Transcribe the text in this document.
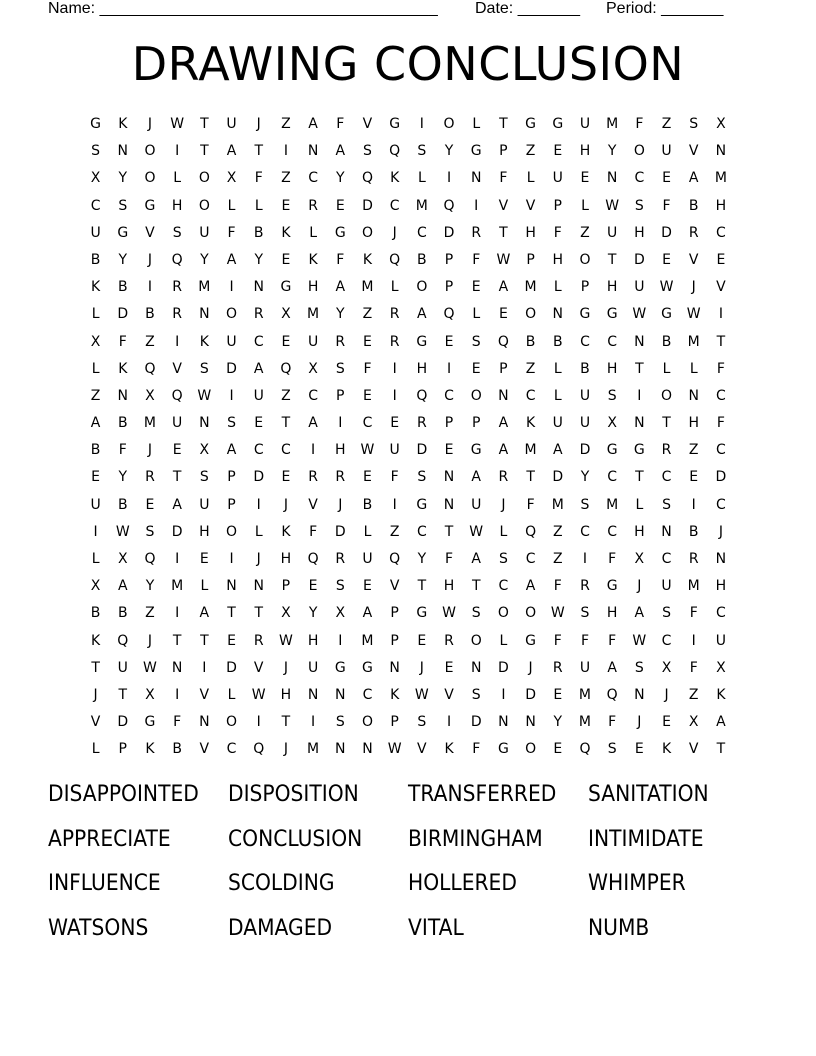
Name: ______________________________________ Date: _______ Period: _______
DRAWING CONCLUSION
G	K	J	W	T	U	J	Z	A	F	V	G	I	O	L	T	G	G	U	M	F	Z	S	X
S	N	O	I	T	A	T	I	N	A	S	Q	S	Y	G	P	Z	E	H	Y	O	U	V	N
X	Y	O	L	O	X	F	Z	C	Y	Q	K	L	I	N	F	L	U	E	N	C	E	A	M
C	S	G	H	O	L	L	E	R	E	D	C	M	Q	I	V	V	P	L	W	S	F	B	H
U	G	V	S	U	F	B	K	L	G	O	J	C	D	R	T	H	F	Z	U	H	D	R	C
B	Y	J	Q	Y	A	Y	E	K	F	K	Q	B	P	F	W	P	H	O	T	D	E	V	E
K	B	I	R	M	I	N	G	H	A	M	L	O	P	E	A	M	L	P	H	U	W	J	V
L	D	B	R	N	O	R	X	M	Y	Z	R	A	Q	L	E	O	N	G	G	W	G	W	I
X	F	Z	I	K	U	C	E	U	R	E	R	G	E	S	Q	B	B	C	C	N	B	M	T
L	K	Q	V	S	D	A	Q	X	S	F	I	H	I	E	P	Z	L	B	H	T	L	L	F
Z	N	X	Q	W	I	U	Z	C	P	E	I	Q	C	O	N	C	L	U	S	I	O	N	C
A	B	M	U	N	S	E	T	A	I	C	E	R	P	P	A	K	U	U	X	N	T	H	F
B	F	J	E	X	A	C	C	I	H	W	U	D	E	G	A	M	A	D	G	G	R	Z	C
E	Y	R	T	S	P	D	E	R	R	E	F	S	N	A	R	T	D	Y	C	T	C	E	D
U	B	E	A	U	P	I	J	V	J	B	I	G	N	U	J	F	M	S	M	L	S	I	C
I	W	S	D	H	O	L	K	F	D	L	Z	C	T	W	L	Q	Z	C	C	H	N	B	J
L	X	Q	I	E	I	J	H	Q	R	U	Q	Y	F	A	S	C	Z	I	F	X	C	R	N
X	A	Y	M	L	N	N	P	E	S	E	V	T	H	T	C	A	F	R	G	J	U	M	H
B	B	Z	I	A	T	T	X	Y	X	A	P	G	W	S	O	O	W	S	H	A	S	F	C
K	Q	J	T	T	E	R	W	H	I	M	P	E	R	O	L	G	F	F	F	W	C	I	U
T	U	W	N	I	D	V	J	U	G	G	N	J	E	N	D	J	R	U	A	S	X	F	X
J	T	X	I	V	L	W	H	N	N	C	K	W	V	S	I	D	E	M	Q	N	J	Z	K
V	D	G	F	N	O	I	T	I	S	O	P	S	I	D	N	N	Y	M	F	J	E	X	A
L	P	K	B	V	C	Q	J	M	N	N	W	V	K	F	G	O	E	Q	S	E	K	V	T
DISAPPOINTED	DISPOSITION	TRANSFERRED	SANITATION
APPRECIATE	CONCLUSION	BIRMINGHAM	INTIMIDATE
INFLUENCE	SCOLDING	HOLLERED	WHIMPER
WATSONS	DAMAGED	VITAL	NUMB
